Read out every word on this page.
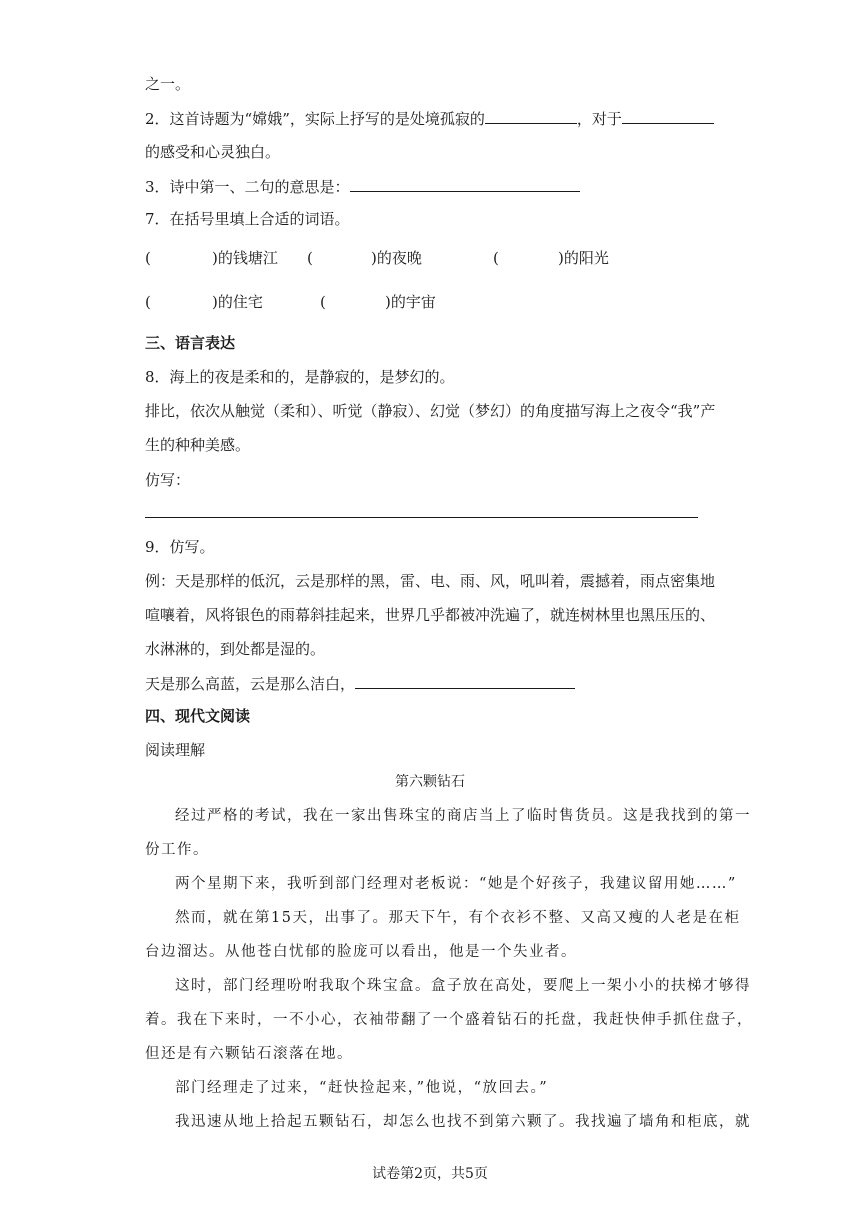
之一。
2．这首诗题为“嫦娥”，实际上抒写的是处境孤寂的	，对于
的感受和心灵独白。
3．诗中第一、二句的意思是：
7．在括号里填上合适的词语。
(	)的钱塘江 (	)的夜晚	(	)的阳光
(	)的住宅	(	)的宇宙
三、语言表达
8．海上的夜是柔和的，是静寂的，是梦幻的。
排比，依次从触觉（柔和）、听觉（静寂）、幻觉（梦幻）的角度描写海上之夜令“我”产
生的种种美感。
仿写：
9．仿写。
例：天是那样的低沉，云是那样的黑，雷、电、雨、风，吼叫着，震撼着，雨点密集地
喧嚷着，风将银色的雨幕斜挂起来，世界几乎都被冲洗遍了，就连树林里也黑压压的、
水淋淋的，到处都是湿的。
天是那么高蓝，云是那么洁白，
四、现代文阅读
阅读理解
第六颗钻石
经过严格的考试，我在一家出售珠宝的商店当上了临时售货员。这是我找到的第一
份工作。
两个星期下来，我听到部门经理对老板说：“她是个好孩子，我建议留用她……”
然而，就在第15天，出事了。那天下午，有个衣衫不整、又高又瘦的人老是在柜
台边溜达。从他苍白忧郁的脸庞可以看出，他是一个失业者。
这时，部门经理吩咐我取个珠宝盒。盒子放在高处，要爬上一架小小的扶梯才够得
着。我在下来时，一不小心，衣袖带翻了一个盛着钻石的托盘，我赶快伸手抓住盘子，
但还是有六颗钻石滚落在地。
部门经理走了过来，“赶快捡起来，”他说，“放回去。”
我迅速从地上拾起五颗钻石，却怎么也找不到第六颗了。我找遍了墙角和柜底，就
试卷第2页，共5页
